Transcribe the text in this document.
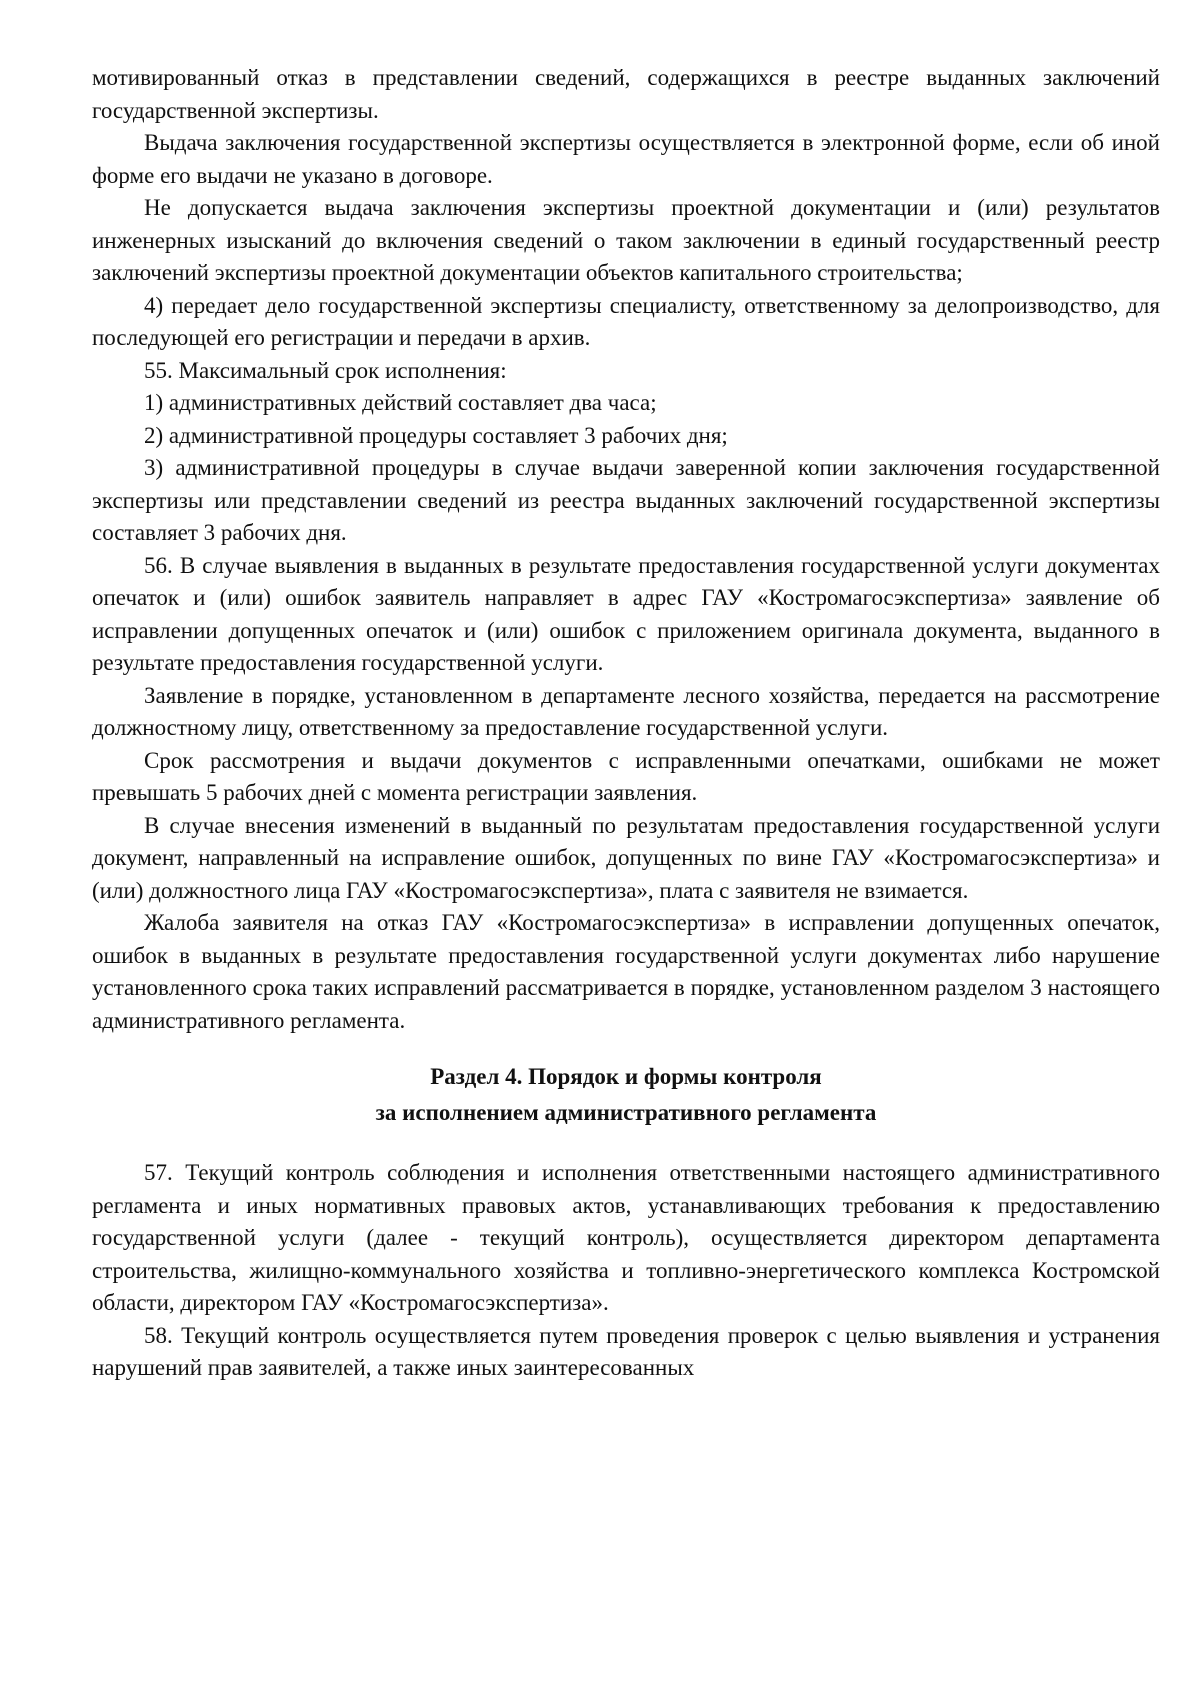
мотивированный отказ в представлении сведений, содержащихся в реестре выданных заключений государственной экспертизы.

Выдача заключения государственной экспертизы осуществляется в электронной форме, если об иной форме его выдачи не указано в договоре.

Не допускается выдача заключения экспертизы проектной документации и (или) результатов инженерных изысканий до включения сведений о таком заключении в единый государственный реестр заключений экспертизы проектной документации объектов капитального строительства;

4) передает дело государственной экспертизы специалисту, ответственному за делопроизводство, для последующей его регистрации и передачи в архив.

55. Максимальный срок исполнения:

1) административных действий составляет два часа;

2) административной процедуры составляет 3 рабочих дня;

3) административной процедуры в случае выдачи заверенной копии заключения государственной экспертизы или представлении сведений из реестра выданных заключений государственной экспертизы составляет 3 рабочих дня.

56. В случае выявления в выданных в результате предоставления государственной услуги документах опечаток и (или) ошибок заявитель направляет в адрес ГАУ «Костромагосэкспертиза» заявление об исправлении допущенных опечаток и (или) ошибок с приложением оригинала документа, выданного в результате предоставления государственной услуги.

Заявление в порядке, установленном в департаменте лесного хозяйства, передается на рассмотрение должностному лицу, ответственному за предоставление государственной услуги.

Срок рассмотрения и выдачи документов с исправленными опечатками, ошибками не может превышать 5 рабочих дней с момента регистрации заявления.

В случае внесения изменений в выданный по результатам предоставления государственной услуги документ, направленный на исправление ошибок, допущенных по вине ГАУ «Костромагосэкспертиза» и (или) должностного лица ГАУ «Костромагосэкспертиза», плата с заявителя не взимается.

Жалоба заявителя на отказ ГАУ «Костромагосэкспертиза» в исправлении допущенных опечаток, ошибок в выданных в результате предоставления государственной услуги документах либо нарушение установленного срока таких исправлений рассматривается в порядке, установленном разделом 3 настоящего административного регламента.

Раздел 4. Порядок и формы контроля
за исполнением административного регламента

57. Текущий контроль соблюдения и исполнения ответственными настоящего административного регламента и иных нормативных правовых актов, устанавливающих требования к предоставлению государственной услуги (далее - текущий контроль), осуществляется директором департамента строительства, жилищно-коммунального хозяйства и топливно-энергетического комплекса Костромской области, директором ГАУ «Костромагосэкспертиза».

58. Текущий контроль осуществляется путем проведения проверок с целью выявления и устранения нарушений прав заявителей, а также иных заинтересованных
